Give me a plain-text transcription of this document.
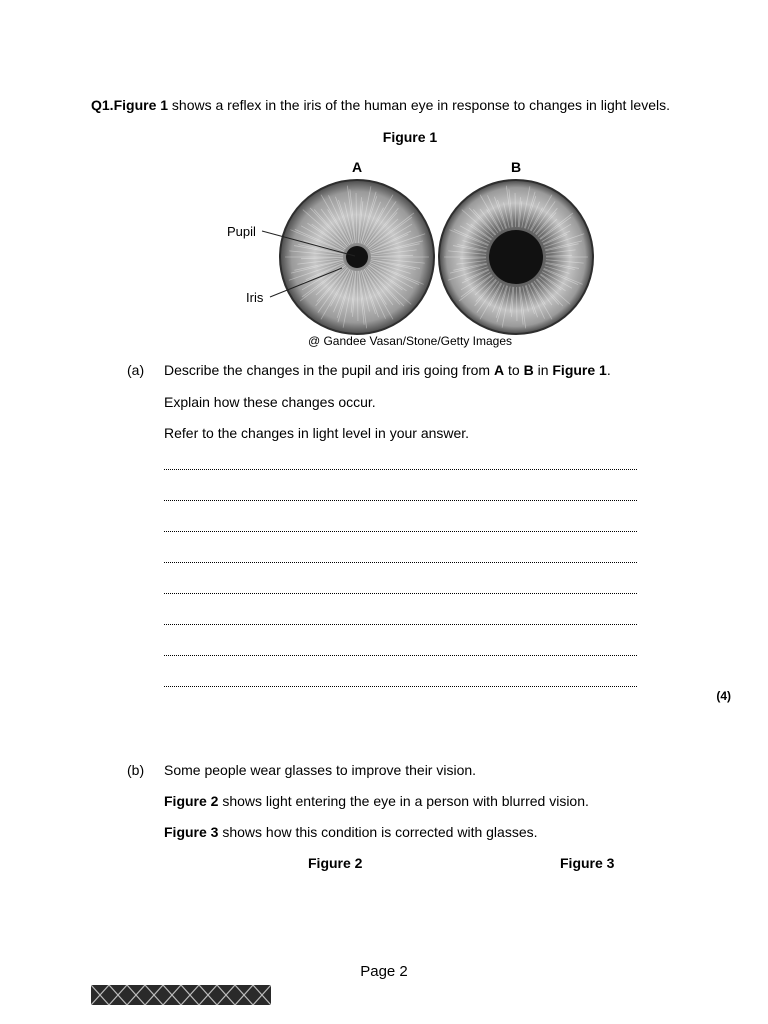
Q1.Figure 1 shows a reflex in the iris of the human eye in response to changes in light levels.
Figure 1
A	B
Pupil
Iris
@ Gandee Vasan/Stone/Getty Images
(a) Describe the changes in the pupil and iris going from A to B in Figure 1.
Explain how these changes occur.
Refer to the changes in light level in your answer.
(4)
(b) Some people wear glasses to improve their vision.
Figure 2 shows light entering the eye in a person with blurred vision.
Figure 3 shows how this condition is corrected with glasses.
Figure 2	Figure 3
Page 2
